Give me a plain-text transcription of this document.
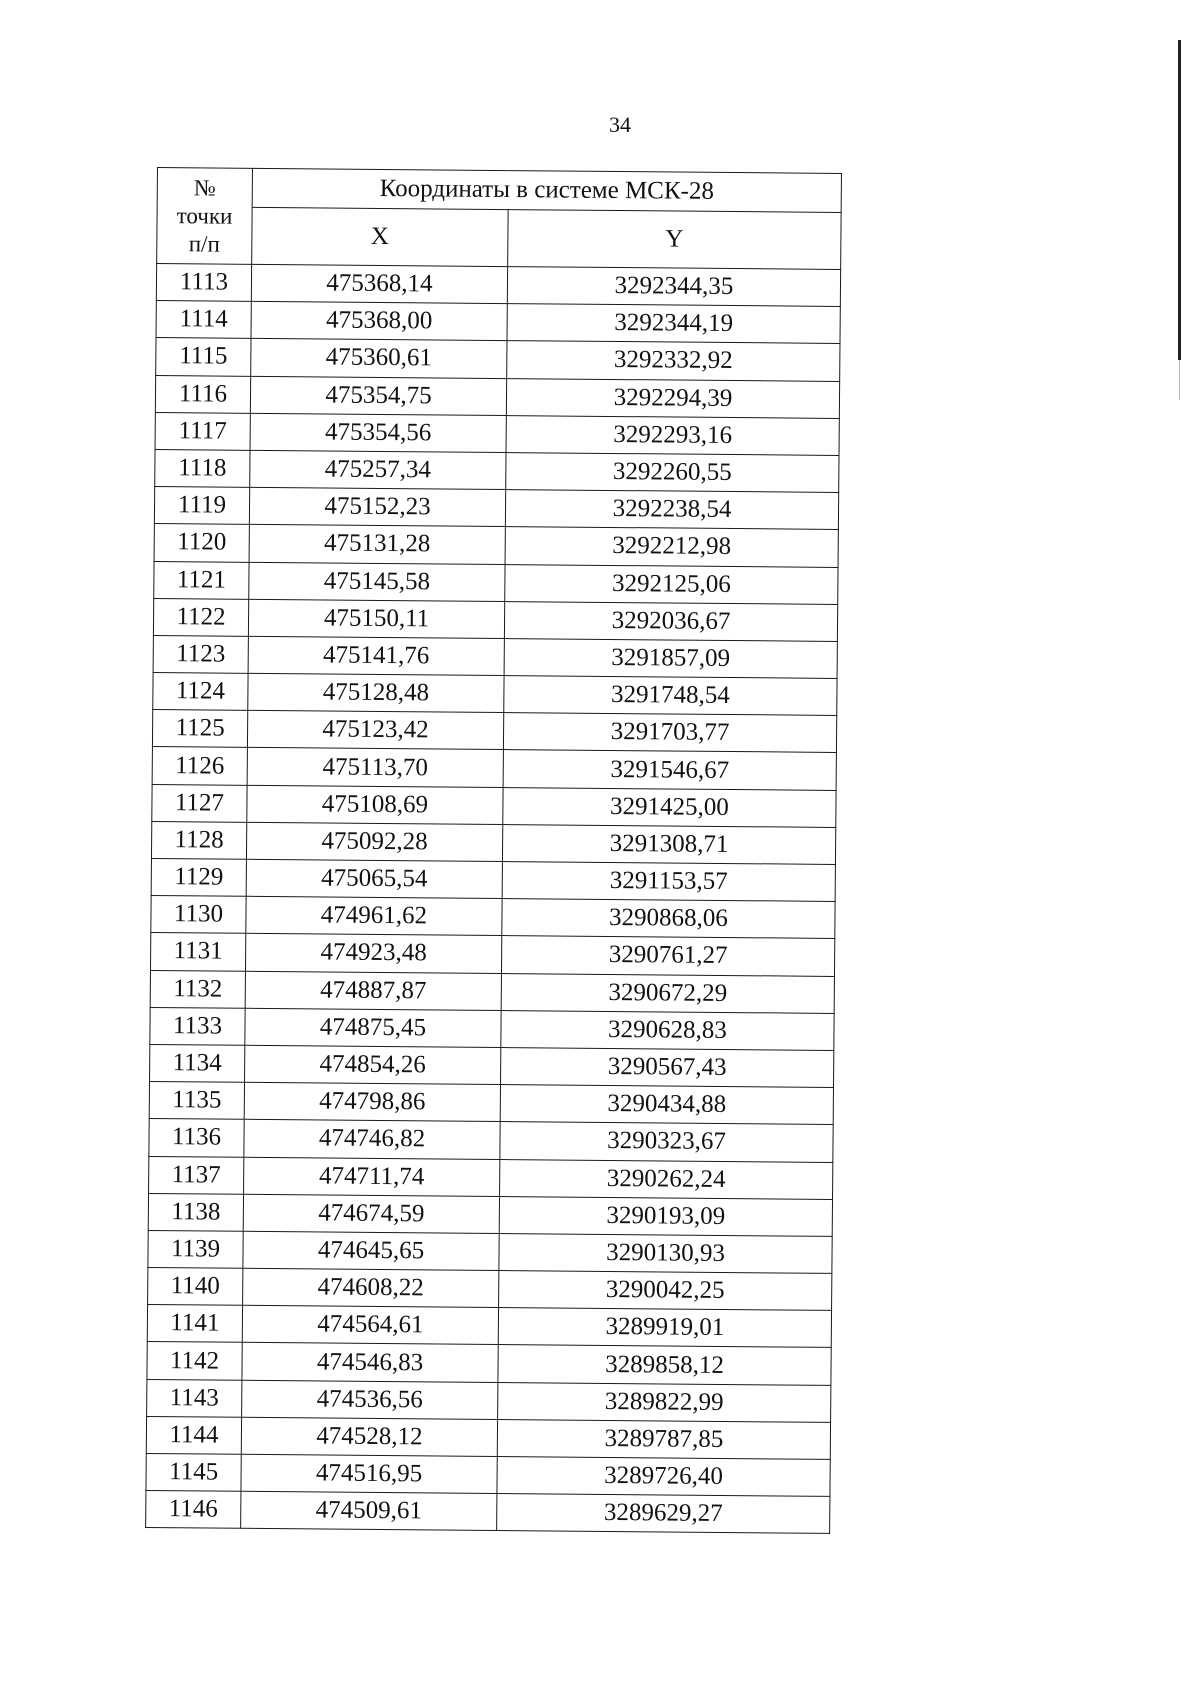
34
№
точки
п/п	Координаты в системе МСК-28	
	X	Y
1113	475368,14	3292344,35
1114	475368,00	3292344,19
1115	475360,61	3292332,92
1116	475354,75	3292294,39
1117	475354,56	3292293,16
1118	475257,34	3292260,55
1119	475152,23	3292238,54
1120	475131,28	3292212,98
1121	475145,58	3292125,06
1122	475150,11	3292036,67
1123	475141,76	3291857,09
1124	475128,48	3291748,54
1125	475123,42	3291703,77
1126	475113,70	3291546,67
1127	475108,69	3291425,00
1128	475092,28	3291308,71
1129	475065,54	3291153,57
1130	474961,62	3290868,06
1131	474923,48	3290761,27
1132	474887,87	3290672,29
1133	474875,45	3290628,83
1134	474854,26	3290567,43
1135	474798,86	3290434,88
1136	474746,82	3290323,67
1137	474711,74	3290262,24
1138	474674,59	3290193,09
1139	474645,65	3290130,93
1140	474608,22	3290042,25
1141	474564,61	3289919,01
1142	474546,83	3289858,12
1143	474536,56	3289822,99
1144	474528,12	3289787,85
1145	474516,95	3289726,40
1146	474509,61	3289629,27
